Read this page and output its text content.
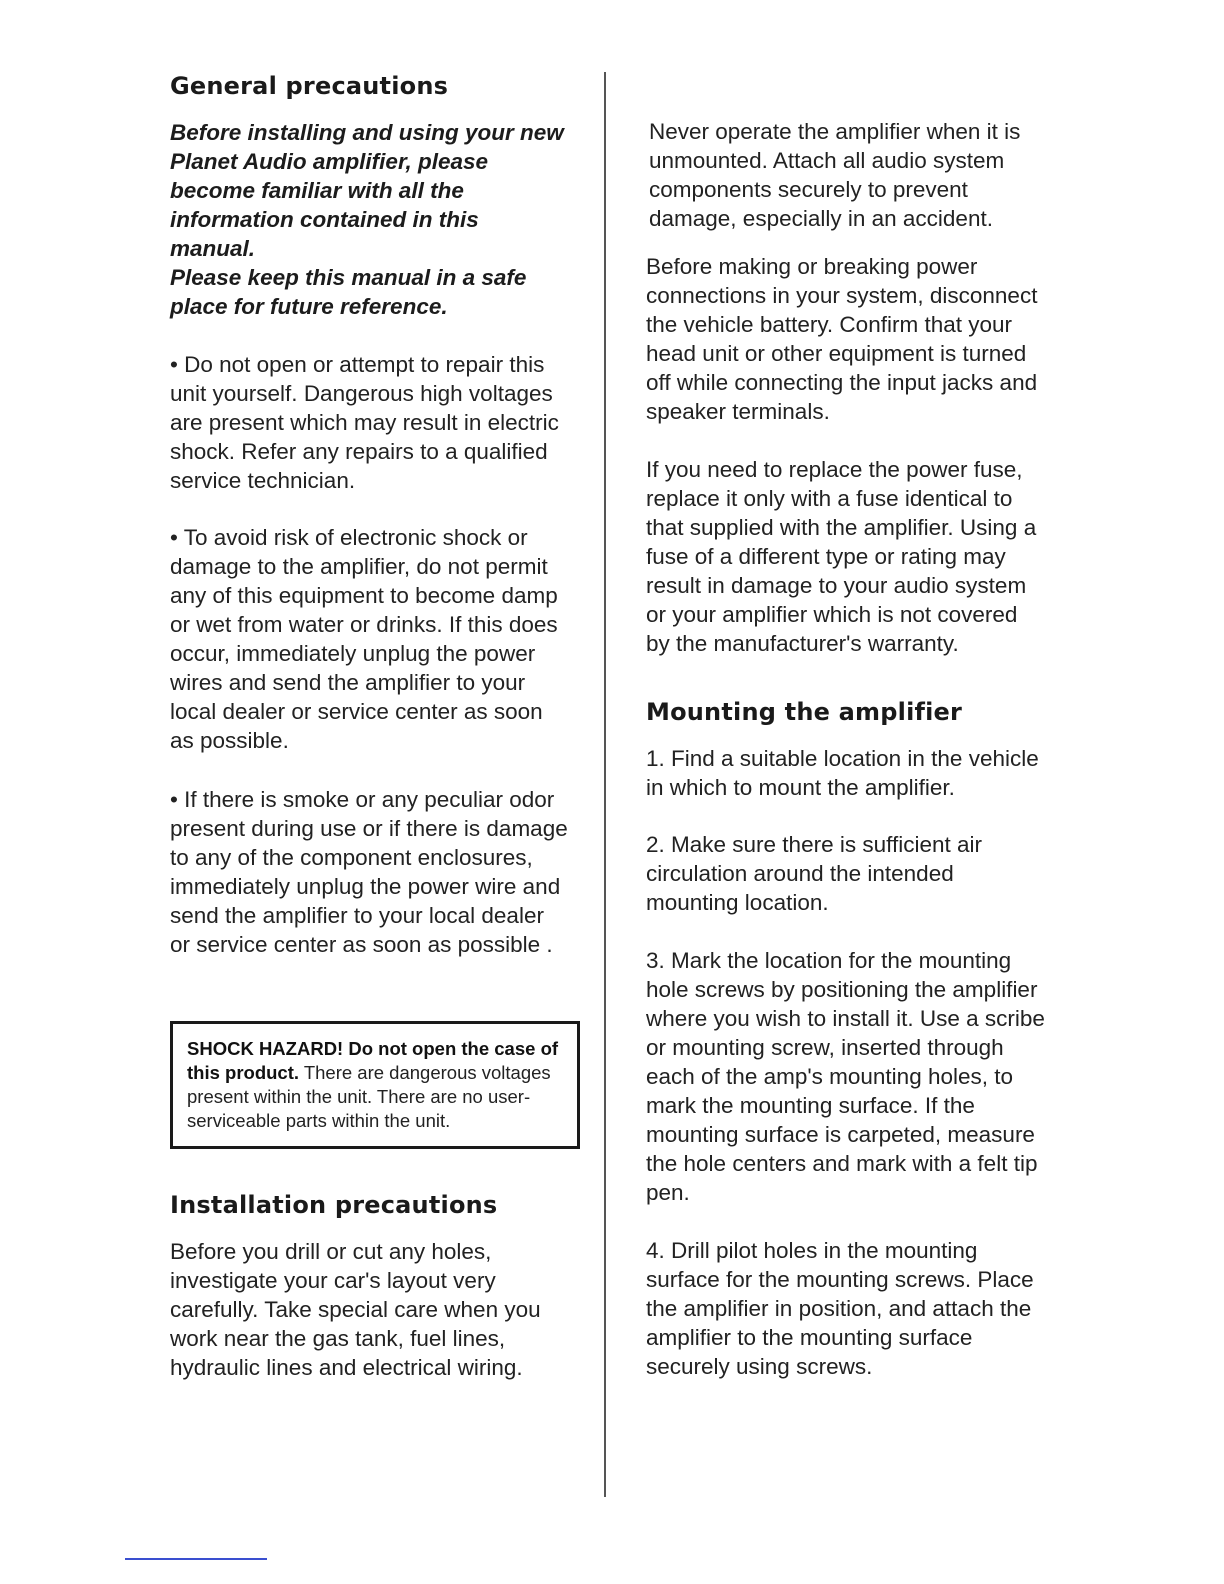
General precautions

Before installing and using your new Planet Audio amplifier, please become familiar with all the information contained in this manual.

Please keep this manual in a safe place for future reference.

• Do not open or attempt to repair this unit yourself. Dangerous high voltages are present which may result in electric shock. Refer any repairs to a qualified service technician.

• To avoid risk of electronic shock or damage to the amplifier, do not permit any of this equipment to become damp or wet from water or drinks. If this does occur, immediately unplug the power wires and send the amplifier to your local dealer or service center as soon as possible.

• If there is smoke or any peculiar odor present during use or if there is damage to any of the component enclosures, immediately unplug the power wire and send the amplifier to your local dealer or service center as soon as possible .

SHOCK HAZARD! Do not open the case of this product. There are dangerous voltages present within the unit. There are no user-serviceable parts within the unit.
Installation precautions

Before you drill or cut any holes, investigate your car's layout very carefully. Take special care when you work near the gas tank, fuel lines, hydraulic lines and electrical wiring.

Never operate the amplifier when it is unmounted. Attach all audio system components securely to prevent damage, especially in an accident.

Before making or breaking power connections in your system, disconnect the vehicle battery. Confirm that your head unit or other equipment is turned off while connecting the input jacks and speaker terminals.

If you need to replace the power fuse, replace it only with a fuse identical to that supplied with the amplifier. Using a fuse of a different type or rating may result in damage to your audio system or your amplifier which is not covered by the manufacturer's warranty.

Mounting the amplifier

1. Find a suitable location in the vehicle in which to mount the amplifier.

2. Make sure there is sufficient air circulation around the intended mounting location.

3. Mark the location for the mounting hole screws by positioning the amplifier where you wish to install it. Use a scribe or mounting screw, inserted through each of the amp's mounting holes, to mark the mounting surface. If the mounting surface is carpeted, measure the hole centers and mark with a felt tip pen.

4. Drill pilot holes in the mounting surface for the mounting screws. Place the amplifier in position, and attach the amplifier to the mounting surface securely using screws.
